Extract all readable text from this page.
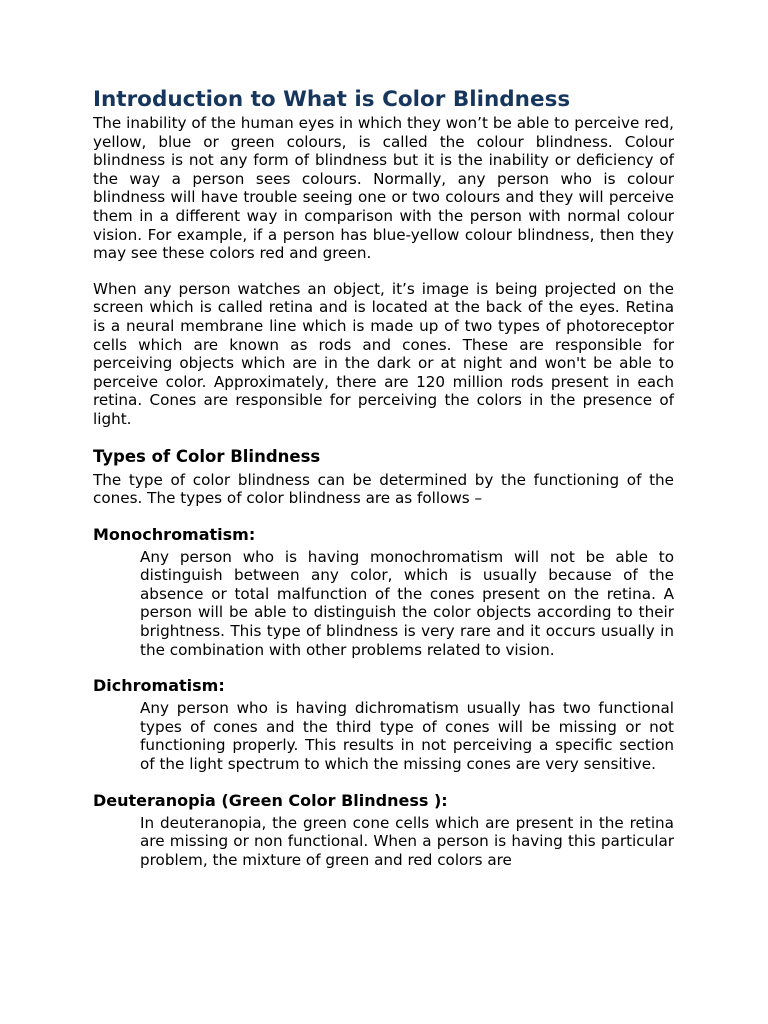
Introduction to What is Color Blindness

The inability of the human eyes in which they won’t be able to perceive red, yellow, blue or green colours, is called the colour blindness. Colour blindness is not any form of blindness but it is the inability or deficiency of the way a person sees colours. Normally, any person who is colour blindness will have trouble seeing one or two colours and they will perceive them in a different way in comparison with the person with normal colour vision. For example, if a person has blue-yellow colour blindness, then they may see these colors red and green.

When any person watches an object, it’s image is being projected on the screen which is called retina and is located at the back of the eyes. Retina is a neural membrane line which is made up of two types of photoreceptor cells which are known as rods and cones. These are responsible for perceiving objects which are in the dark or at night and won't be able to perceive color. Approximately, there are 120 million rods present in each retina. Cones are responsible for perceiving the colors in the presence of light.

Types of Color Blindness

The type of color blindness can be determined by the functioning of the cones. The types of color blindness are as follows –

Monochromatism:

Any person who is having monochromatism will not be able to distinguish between any color, which is usually because of the absence or total malfunction of the cones present on the retina. A person will be able to distinguish the color objects according to their brightness. This type of blindness is very rare and it occurs usually in the combination with other problems related to vision.

Dichromatism:

Any person who is having dichromatism usually has two functional types of cones and the third type of cones will be missing or not functioning properly. This results in not perceiving a specific section of the light spectrum to which the missing cones are very sensitive.

Deuteranopia (Green Color Blindness ):

In deuteranopia, the green cone cells which are present in the retina are missing or non functional. When a person is having this particular problem, the mixture of green and red colors are
